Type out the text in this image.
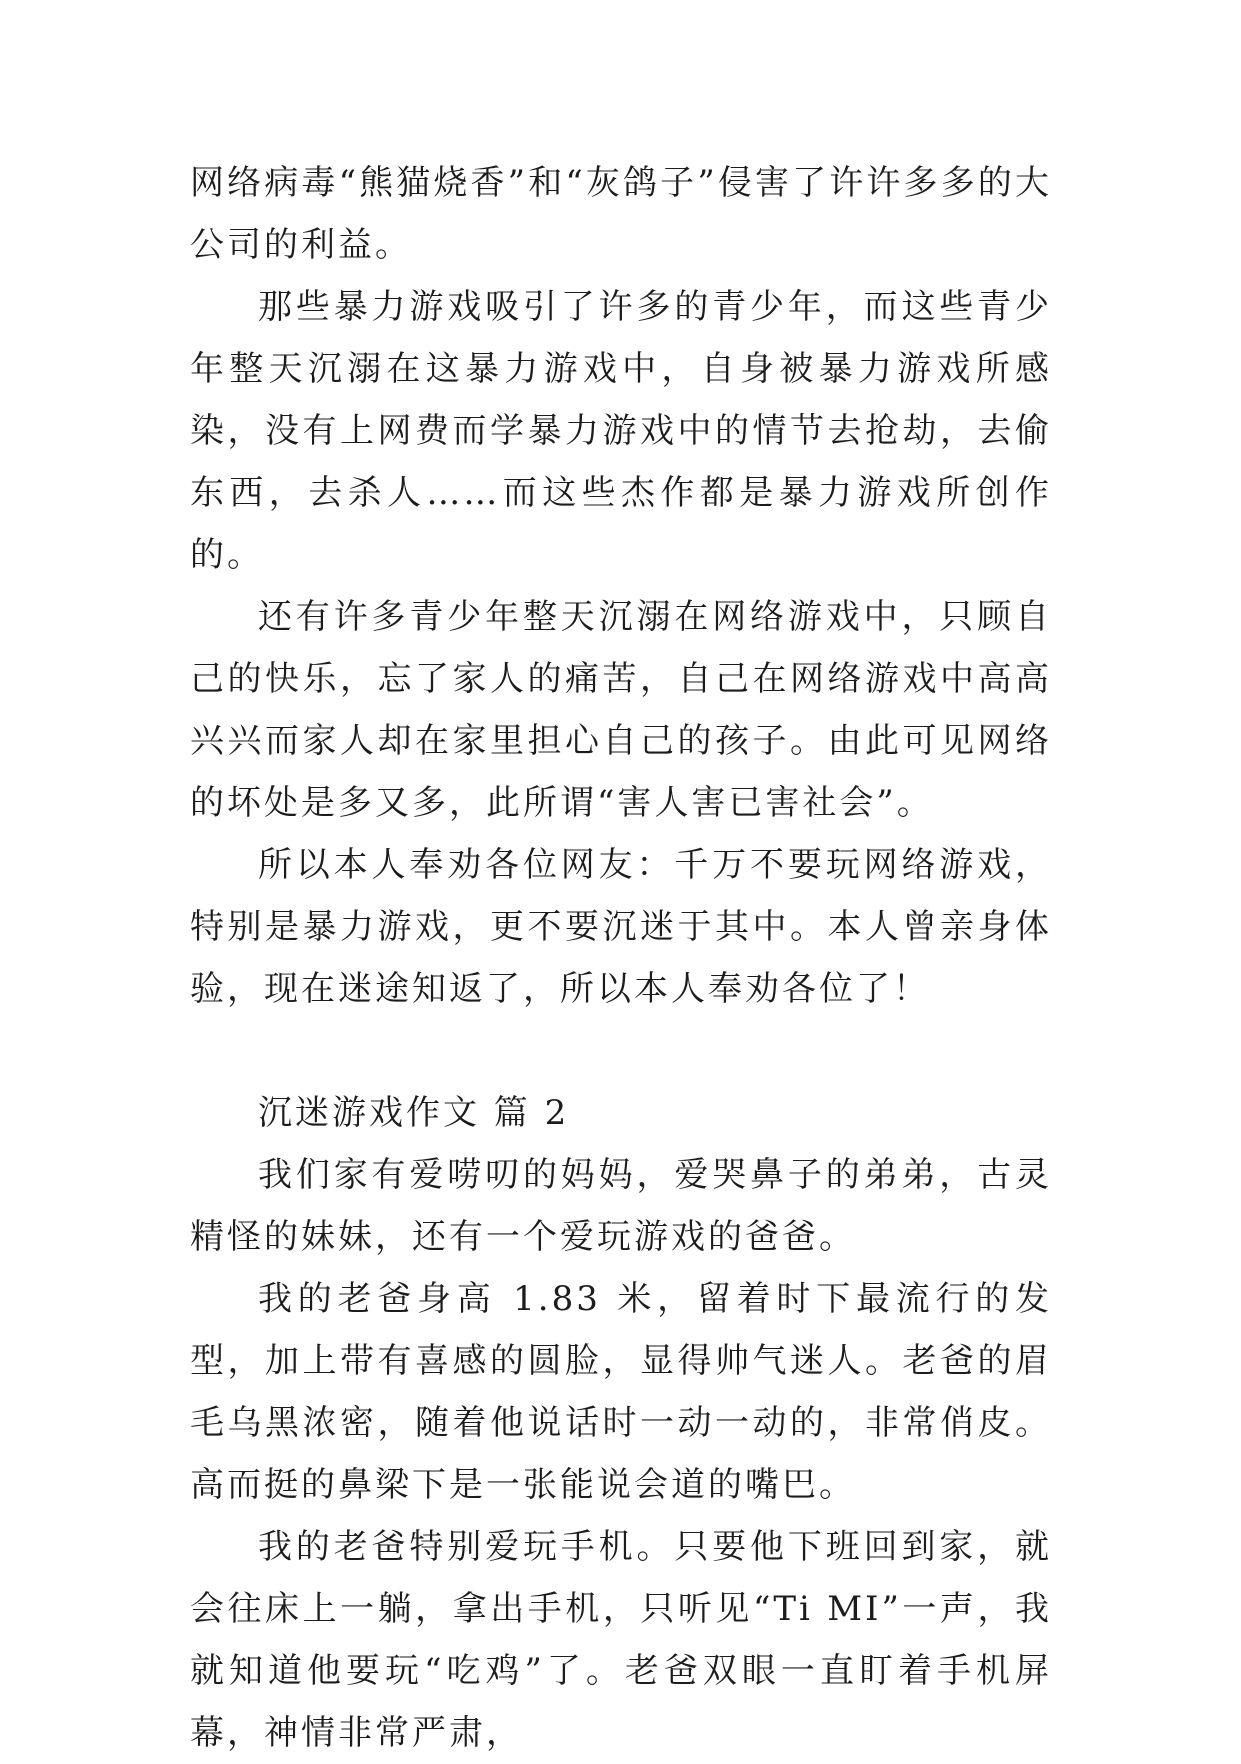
网络病毒“熊猫烧香”和“灰鸽子”侵害了许许多多的大公司的利益。

那些暴力游戏吸引了许多的青少年，而这些青少年整天沉溺在这暴力游戏中，自身被暴力游戏所感染，没有上网费而学暴力游戏中的情节去抢劫，去偷东西，去杀人……而这些杰作都是暴力游戏所创作的。

还有许多青少年整天沉溺在网络游戏中，只顾自己的快乐，忘了家人的痛苦，自己在网络游戏中高高兴兴而家人却在家里担心自己的孩子。由此可见网络的坏处是多又多，此所谓“害人害已害社会”。

所以本人奉劝各位网友：千万不要玩网络游戏，特别是暴力游戏，更不要沉迷于其中。本人曾亲身体验，现在迷途知返了，所以本人奉劝各位了！

沉迷游戏作文 篇 2

我们家有爱唠叨的妈妈，爱哭鼻子的弟弟，古灵精怪的妹妹，还有一个爱玩游戏的爸爸。

我的老爸身高 1.83 米，留着时下最流行的发型，加上带有喜感的圆脸，显得帅气迷人。老爸的眉毛乌黑浓密，随着他说话时一动一动的，非常俏皮。高而挺的鼻梁下是一张能说会道的嘴巴。

我的老爸特别爱玩手机。只要他下班回到家，就会往床上一躺，拿出手机，只听见“Ti MI”一声，我就知道他要玩“吃鸡”了。老爸双眼一直盯着手机屏幕，神情非常严肃，
